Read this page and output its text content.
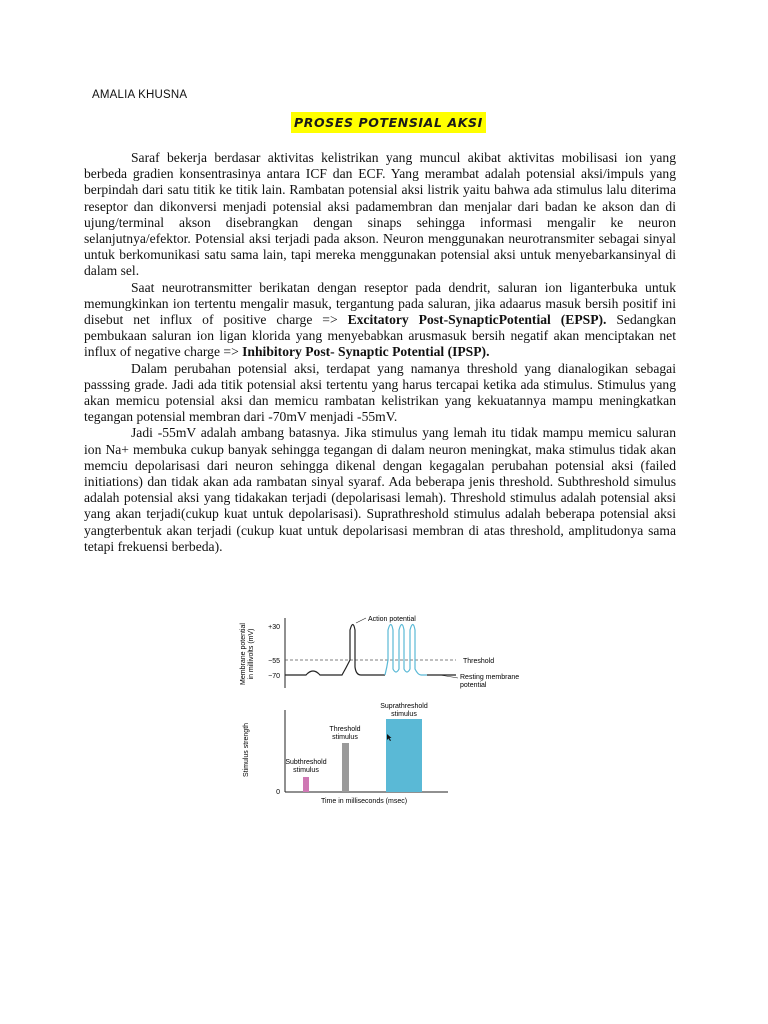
AMALIA KHUSNA
PROSES POTENSIAL AKSI

Saraf bekerja berdasar aktivitas kelistrikan yang muncul akibat aktivitas mobilisasi ion yang berbeda gradien konsentrasinya antara ICF dan ECF. Yang merambat adalah potensial aksi/impuls yang berpindah dari satu titik ke titik lain. Rambatan potensial aksi listrik yaitu bahwa ada stimulus lalu diterima reseptor dan dikonversi menjadi potensial aksi padamembran dan menjalar dari badan ke akson dan di ujung/terminal akson disebrangkan dengan sinaps sehingga informasi mengalir ke neuron selanjutnya/efektor. Potensial aksi terjadi pada akson. Neuron menggunakan neurotransmiter sebagai sinyal untuk berkomunikasi satu sama lain, tapi mereka menggunakan potensial aksi untuk menyebarkansinyal di dalam sel.

Saat neurotransmitter berikatan dengan reseptor pada dendrit, saluran ion liganterbuka untuk memungkinkan ion tertentu mengalir masuk, tergantung pada saluran, jika adaarus masuk bersih positif ini disebut net influx of positive charge => Excitatory Post-SynapticPotential (EPSP). Sedangkan pembukaan saluran ion ligan klorida yang menyebabkan arusmasuk bersih negatif akan menciptakan net influx of negative charge => Inhibitory Post- Synaptic Potential (IPSP).

Dalam perubahan potensial aksi, terdapat yang namanya threshold yang dianalogikan sebagai passsing grade. Jadi ada titik potensial aksi tertentu yang harus tercapai ketika ada stimulus. Stimulus yang akan memicu potensial aksi dan memicu rambatan kelistrikan yang kekuatannya mampu meningkatkan tegangan potensial membran dari -70mV menjadi -55mV.

Jadi -55mV adalah ambang batasnya. Jika stimulus yang lemah itu tidak mampu memicu saluran ion Na+ membuka cukup banyak sehingga tegangan di dalam neuron meningkat, maka stimulus tidak akan memciu depolarisasi dari neuron sehingga dikenal dengan kegagalan perubahan potensial aksi (failed initiations) dan tidak akan ada rambatan sinyal syaraf. Ada beberapa jenis threshold. Subthreshold simulus adalah potensial aksi yang tidakakan terjadi (depolarisasi lemah). Threshold stimulus adalah potensial aksi yang akan terjadi(cukup kuat untuk depolarisasi). Suprathreshold stimulus adalah beberapa potensial aksi yangterbentuk akan terjadi (cukup kuat untuk depolarisasi membran di atas threshold, amplitudonya sama tetapi frekuensi berbeda).

Membrane potential in millivolts (mV)
+30
−55
−70
Action potential
Threshold
Resting membrane
potential
Stimulus strength
0
Subthreshold
stimulus
Threshold
stimulus
Suprathreshold
stimulus
Time in milliseconds (msec)
